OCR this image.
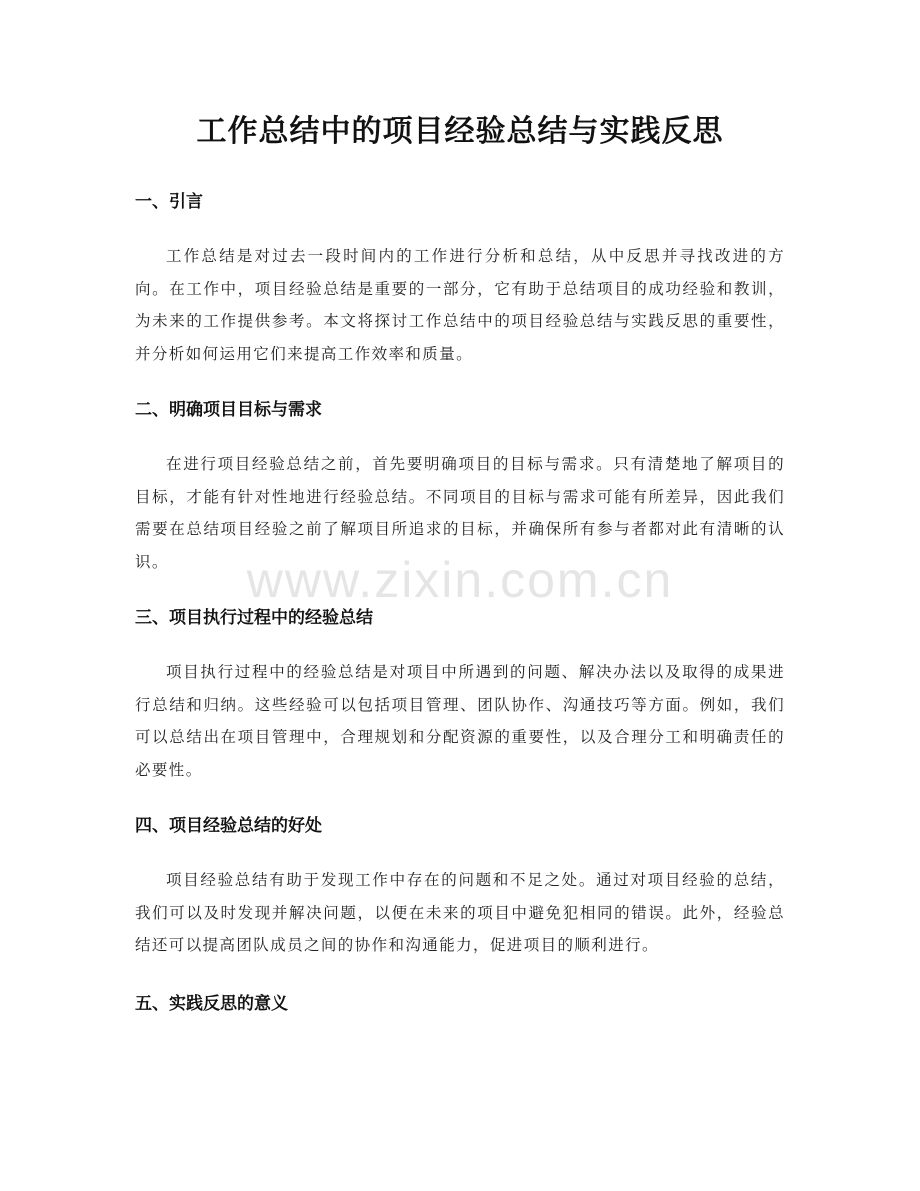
工作总结中的项目经验总结与实践反思
一、引言

工作总结是对过去一段时间内的工作进行分析和总结，从中反思并寻找改进的方向。在工作中，项目经验总结是重要的一部分，它有助于总结项目的成功经验和教训，为未来的工作提供参考。本文将探讨工作总结中的项目经验总结与实践反思的重要性，并分析如何运用它们来提高工作效率和质量。

二、明确项目目标与需求

在进行项目经验总结之前，首先要明确项目的目标与需求。只有清楚地了解项目的目标，才能有针对性地进行经验总结。不同项目的目标与需求可能有所差异，因此我们需要在总结项目经验之前了解项目所追求的目标，并确保所有参与者都对此有清晰的认识。

三、项目执行过程中的经验总结

项目执行过程中的经验总结是对项目中所遇到的问题、解决办法以及取得的成果进行总结和归纳。这些经验可以包括项目管理、团队协作、沟通技巧等方面。例如，我们可以总结出在项目管理中，合理规划和分配资源的重要性，以及合理分工和明确责任的必要性。

四、项目经验总结的好处

项目经验总结有助于发现工作中存在的问题和不足之处。通过对项目经验的总结，我们可以及时发现并解决问题，以便在未来的项目中避免犯相同的错误。此外，经验总结还可以提高团队成员之间的协作和沟通能力，促进项目的顺利进行。

五、实践反思的意义
www.zixin.com.cn
